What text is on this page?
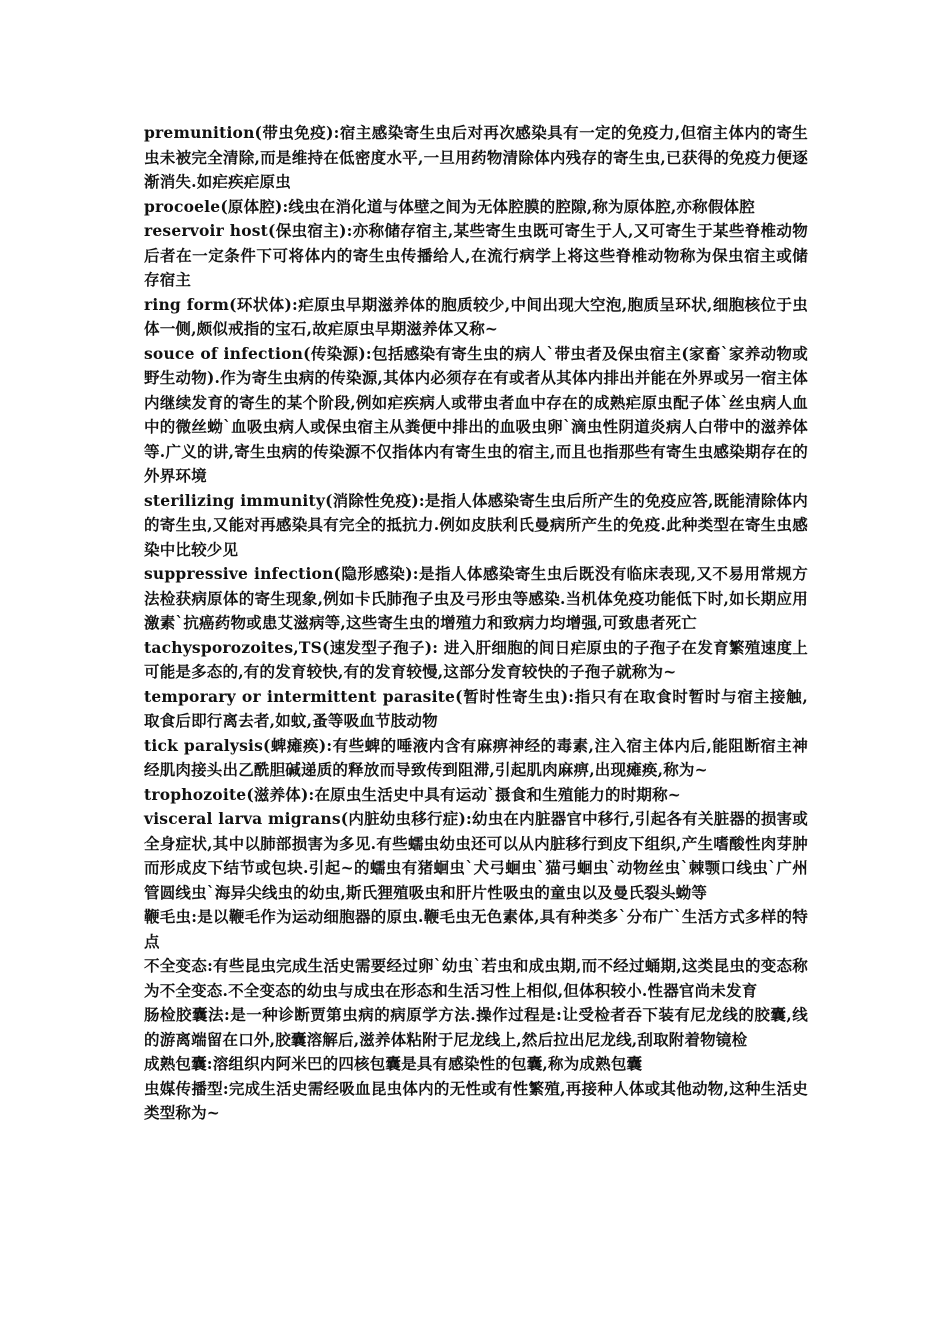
premunition(带虫免疫):宿主感染寄生虫后对再次感染具有一定的免疫力,但宿主体内的寄生虫未被完全清除,而是维持在低密度水平,一旦用药物清除体内残存的寄生虫,已获得的免疫力便逐渐消失.如疟疾疟原虫

procoele(原体腔):线虫在消化道与体壁之间为无体腔膜的腔隙,称为原体腔,亦称假体腔

reservoir host(保虫宿主):亦称储存宿主,某些寄生虫既可寄生于人,又可寄生于某些脊椎动物后者在一定条件下可将体内的寄生虫传播给人,在流行病学上将这些脊椎动物称为保虫宿主或储存宿主

ring form(环状体):疟原虫早期滋养体的胞质较少,中间出现大空泡,胞质呈环状,细胞核位于虫体一侧,颇似戒指的宝石,故疟原虫早期滋养体又称~

souce of infection(传染源):包括感染有寄生虫的病人`带虫者及保虫宿主(家畜`家养动物或野生动物).作为寄生虫病的传染源,其体内必须存在有或者从其体内排出并能在外界或另一宿主体内继续发育的寄生的某个阶段,例如疟疾病人或带虫者血中存在的成熟疟原虫配子体`丝虫病人血中的微丝蚴`血吸虫病人或保虫宿主从粪便中排出的血吸虫卵`滴虫性阴道炎病人白带中的滋养体等.广义的讲,寄生虫病的传染源不仅指体内有寄生虫的宿主,而且也指那些有寄生虫感染期存在的外界环境

sterilizing immunity(消除性免疫):是指人体感染寄生虫后所产生的免疫应答,既能清除体内的寄生虫,又能对再感染具有完全的抵抗力.例如皮肤利氏曼病所产生的免疫.此种类型在寄生虫感染中比较少见

suppressive infection(隐形感染):是指人体感染寄生虫后既没有临床表现,又不易用常规方法检获病原体的寄生现象,例如卡氏肺孢子虫及弓形虫等感染.当机体免疫功能低下时,如长期应用激素`抗癌药物或患艾滋病等,这些寄生虫的增殖力和致病力均增强,可致患者死亡

tachysporozoites,TS(速发型子孢子): 进入肝细胞的间日疟原虫的子孢子在发育繁殖速度上可能是多态的,有的发育较快,有的发育较慢,这部分发育较快的子孢子就称为~

temporary or intermittent parasite(暂时性寄生虫):指只有在取食时暂时与宿主接触,取食后即行离去者,如蚊,蚤等吸血节肢动物

tick paralysis(蜱瘫痪):有些蜱的唾液内含有麻痹神经的毒素,注入宿主体内后,能阻断宿主神经肌肉接头出乙酰胆碱递质的释放而导致传到阻滞,引起肌肉麻痹,出现瘫痪,称为~

trophozoite(滋养体):在原虫生活史中具有运动`摄食和生殖能力的时期称~

visceral larva migrans(内脏幼虫移行症):幼虫在内脏器官中移行,引起各有关脏器的损害或全身症状,其中以肺部损害为多见.有些蠕虫幼虫还可以从内脏移行到皮下组织,产生嗜酸性肉芽肿而形成皮下结节或包块.引起~的蠕虫有猪蛔虫`犬弓蛔虫`猫弓蛔虫`动物丝虫`棘颚口线虫`广州管圆线虫`海异尖线虫的幼虫,斯氏狸殖吸虫和肝片性吸虫的童虫以及曼氏裂头蚴等

鞭毛虫:是以鞭毛作为运动细胞器的原虫.鞭毛虫无色素体,具有种类多`分布广`生活方式多样的特点

不全变态:有些昆虫完成生活史需要经过卵`幼虫`若虫和成虫期,而不经过蛹期,这类昆虫的变态称为不全变态.不全变态的幼虫与成虫在形态和生活习性上相似,但体积较小.性器官尚未发育

肠检胶囊法:是一种诊断贾第虫病的病原学方法.操作过程是:让受检者吞下装有尼龙线的胶囊,线的游离端留在口外,胶囊溶解后,滋养体粘附于尼龙线上,然后拉出尼龙线,刮取附着物镜检

成熟包囊:溶组织内阿米巴的四核包囊是具有感染性的包囊,称为成熟包囊

虫媒传播型:完成生活史需经吸血昆虫体内的无性或有性繁殖,再接种人体或其他动物,这种生活史类型称为~
